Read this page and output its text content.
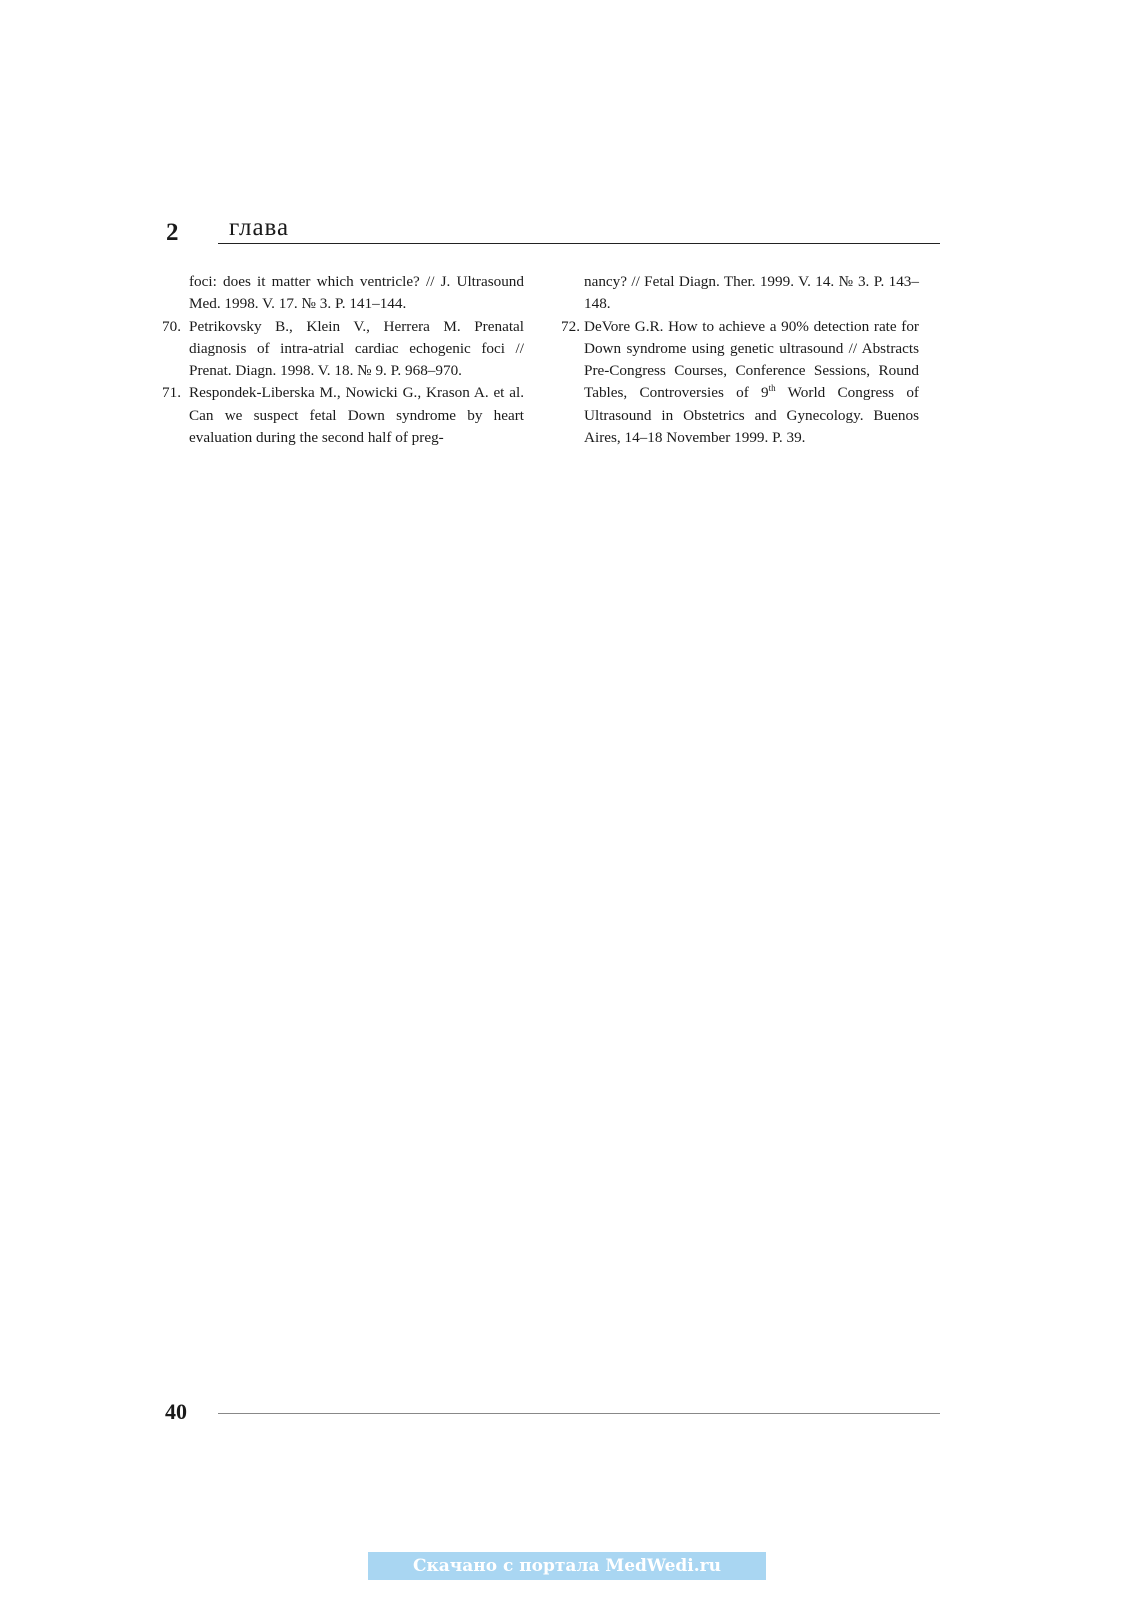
2 глава
foci: does it matter which ventricle? // J. Ultrasound Med. 1998. V. 17. № 3. P. 141–144.
70. Petrikovsky B., Klein V., Herrera M. Prenatal diagnosis of intra-atrial cardiac echogenic foci // Prenat. Diagn. 1998. V. 18. № 9. P. 968–970.
71. Respondek-Liberska M., Nowicki G., Krason A. et al. Can we suspect fetal Down syndrome by heart evaluation during the second half of preg-
nancy? // Fetal Diagn. Ther. 1999. V. 14. № 3. P. 143–148.
72. DeVore G.R. How to achieve a 90% detection rate for Down syndrome using genetic ultrasound // Abstracts Pre-Congress Courses, Conference Sessions, Round Tables, Controversies of 9th World Congress of Ultrasound in Obstetrics and Gynecology. Buenos Aires, 14–18 November 1999. P. 39.
40
Скачано с портала MedWedi.ru
